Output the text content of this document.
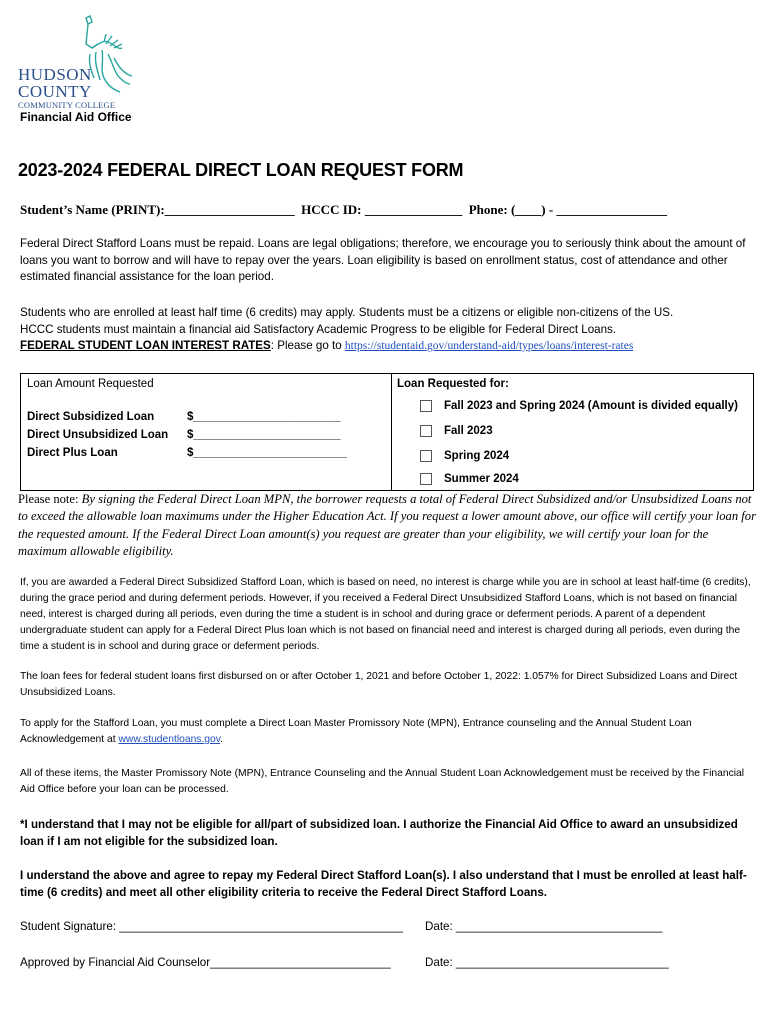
HUDSON
COUNTY
COMMUNITY COLLEGE
Financial Aid Office
2023-2024 FEDERAL DIRECT LOAN REQUEST FORM
Student’s Name (PRINT):____________________  HCCC ID: _______________  Phone: (____) - _________________
Federal Direct Stafford Loans must be repaid. Loans are legal obligations; therefore, we encourage you to seriously think about the amount of loans you want to borrow and will have to repay over the years. Loan eligibility is based on enrollment status, cost of attendance and other estimated financial assistance for the loan period.
Students who are enrolled at least half time (6 credits) may apply. Students must be a citizens or eligible non-citizens of the US.
HCCC students must maintain a financial aid Satisfactory Academic Progress to be eligible for Federal Direct Loans.
FEDERAL STUDENT LOAN INTEREST RATES: Please go to https://studentaid.gov/understand-aid/types/loans/interest-rates
Loan Amount Requested
Direct Subsidized Loan	$_______________________
Direct Unsubsidized Loan $_______________________
Direct Plus Loan	$________________________
Loan Requested for:
Fall 2023 and Spring 2024 (Amount is divided equally)
Fall 2023
Spring 2024
Summer 2024
Please note: By signing the Federal Direct Loan MPN, the borrower requests a total of Federal Direct Subsidized and/or Unsubsidized Loans not to exceed the allowable loan maximums under the Higher Education Act. If you request a lower amount above, our office will certify your loan for the requested amount. If the Federal Direct Loan amount(s) you request are greater than your eligibility, we will certify your loan for the maximum allowable eligibility.
If, you are awarded a Federal Direct Subsidized Stafford Loan, which is based on need, no interest is charge while you are in school at least half-time (6 credits), during the grace period and during deferment periods. However, if you received a Federal Direct Unsubsidized Stafford Loans, which is not based on financial need, interest is charged during all periods, even during the time a student is in school and during grace or deferment periods. A parent of a dependent undergraduate student can apply for a Federal Direct Plus loan which is not based on financial need and interest is charged during all periods, even during the time a student is in school and during grace or deferment periods.
The loan fees for federal student loans first disbursed on or after October 1, 2021 and before October 1, 2022: 1.057% for Direct Subsidized Loans and Direct Unsubsidized Loans.
To apply for the Stafford Loan, you must complete a Direct Loan Master Promissory Note (MPN), Entrance counseling and the Annual Student Loan Acknowledgement at www.studentloans.gov.
All of these items, the Master Promissory Note (MPN), Entrance Counseling and the Annual Student Loan Acknowledgement must be received by the Financial Aid Office before your loan can be processed.
*I understand that I may not be eligible for all/part of subsidized loan. I authorize the Financial Aid Office to award an unsubsidized loan if I am not eligible for the subsidized loan.
I understand the above and agree to repay my Federal Direct Stafford Loan(s). I also understand that I must be enrolled at least half-time (6 credits) and meet all other eligibility criteria to receive the Federal Direct Stafford Loans.
Student Signature: ____________________________________________ Date: ________________________________
Approved by Financial Aid Counselor____________________________	Date: _________________________________
